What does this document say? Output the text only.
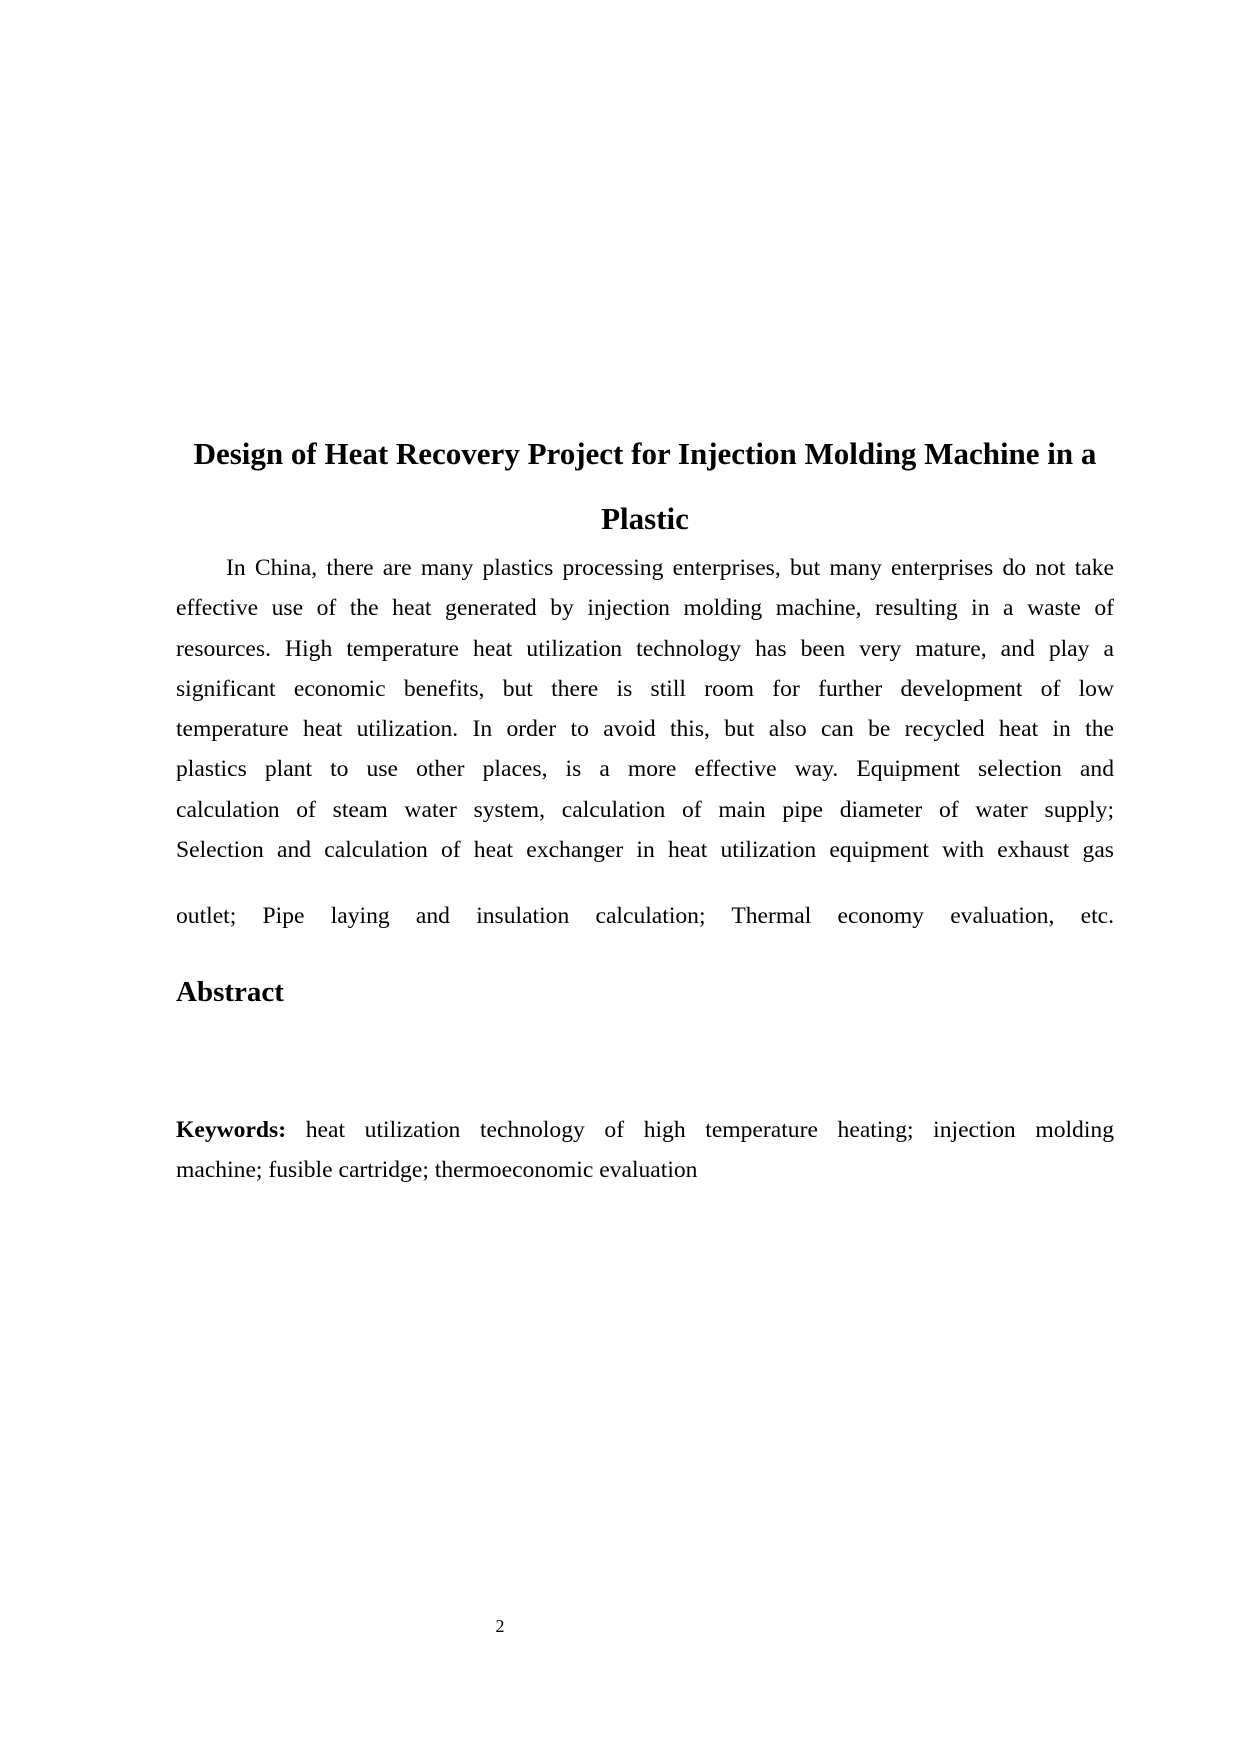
Design of Heat Recovery Project for Injection Molding Machine in a
Plastic
In China, there are many plastics processing enterprises, but many enterprises do not take
effective use of the heat generated by injection molding machine, resulting in a waste of
resources. High temperature heat utilization technology has been very mature, and play a
significant economic benefits, but there is still room for further development of low
temperature heat utilization. In order to avoid this, but also can be recycled heat in the
plastics plant to use other places, is a more effective way. Equipment selection and
calculation of steam water system, calculation of main pipe diameter of water supply;
Selection and calculation of heat exchanger in heat utilization equipment with exhaust gas
outlet; Pipe laying and insulation calculation; Thermal economy evaluation, etc.
Abstract
Keywords: heat utilization technology of high temperature heating; injection molding
machine; fusible cartridge; thermoeconomic evaluation
2
